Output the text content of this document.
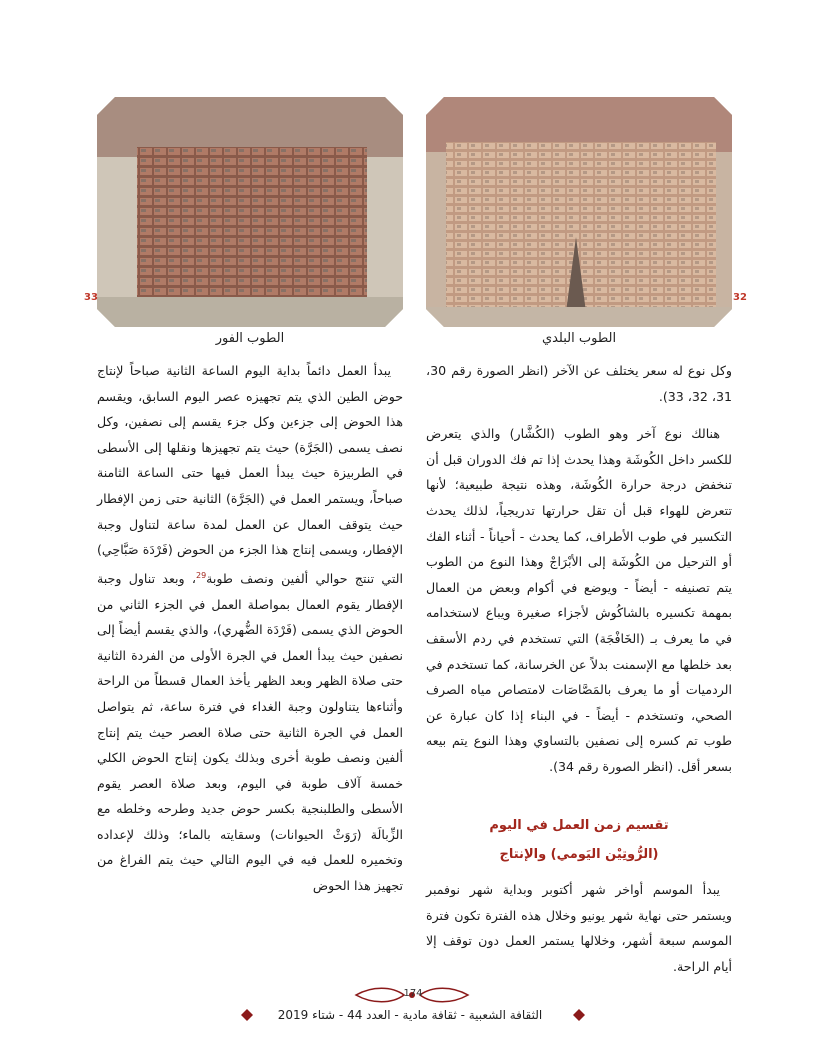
33	32
الطوب الفور	الطوب البلدي

وكل نوع له سعر يختلف عن الآخر (انظر الصورة رقم 30، 31، 32، 33).

هنالك نوع آخر وهو الطوب (الكُشَّار) والذي يتعرض للكسر داخل الكُوشَة وهذا يحدث إذا تم فك الدوران قبل أن تنخفض درجة حرارة الكُوشَة، وهذه نتيجة طبيعية؛ لأنها تتعرض للهواء قبل أن تقل حرارتها تدريجياً، لذلك يحدث التكسير في طوب الأطراف، كما يحدث - أحياناً - أثناء الفك أو الترحيل من الكُوشَة إلى الأبْرَاجْ وهذا النوع من الطوب يتم تصنيفه - أيضاً - ويوضع في أكوام وبعض من العمال بمهمة تكسيره بالشاكُوش لأجزاء صغيرة ويباع لاستخدامه في ما يعرف بـ (الخَافْجَة) التي تستخدم في ردم الأسقف بعد خلطها مع الإسمنت بدلاً عن الخرسانة، كما تستخدم في الردميات أو ما يعرف بالمَصَّاصَات لامتصاص مياه الصرف الصحي، وتستخدم - أيضاً - في البناء إذا كان عبارة عن طوب تم كسره إلى نصفين بالتساوي وهذا النوع يتم بيعه بسعر أقل. (انظر الصورة رقم 34).

تقسيم زمن العمل في اليوم
(الرُّوتِيْن اليَومي) والإنتاج

يبدأ الموسم أواخر شهر أكتوبر وبداية شهر نوفمبر ويستمر حتى نهاية شهر يونيو وخلال هذه الفترة تكون فترة الموسم سبعة أشهر، وخلالها يستمر العمل دون توقف إلا أيام الراحة.

يبدأ العمل دائماً بداية اليوم الساعة الثانية صباحاً لإنتاج حوض الطين الذي يتم تجهيزه عصر اليوم السابق، ويقسم هذا الحوض إلى جزءين وكل جزء يقسم إلى نصفين، وكل نصف يسمى (الجَرَّة) حيث يتم تجهيزها ونقلها إلى الأسطى في الطربيزة حيث يبدأ العمل فيها حتى الساعة الثامنة صباحاً، ويستمر العمل في (الجَرَّة) الثانية حتى زمن الإفطار حيث يتوقف العمال عن العمل لمدة ساعة لتناول وجبة الإفطار، ويسمى إنتاج هذا الجزء من الحوض (فَرْدَة صَبَّاحِي) التي تنتج حوالي ألفين ونصف طوبة$^{29}$، وبعد تناول وجبة الإفطار يقوم العمال بمواصلة العمل في الجزء الثاني من الحوض الذي يسمى (فَرْدَة الضُّهري)، والذي يقسم أيضاً إلى نصفين حيث يبدأ العمل في الجرة الأولى من الفردة الثانية حتى صلاة الظهر وبعد الظهر يأخذ العمال قسطاً من الراحة وأثناءها يتناولون وجبة الغداء في فترة ساعة، ثم يتواصل العمل في الجرة الثانية حتى صلاة العصر حيث يتم إنتاج ألفين ونصف طوبة أخرى وبذلك يكون إنتاج الحوض الكلي خمسة آلاف طوبة في اليوم، وبعد صلاة العصر يقوم الأسطى والطلبنجية بكسر حوض جديد وطرحه وخلطه مع الزِّبالَة (رَوَثْ الحيوانات) وسقايته بالماء؛ وذلك لإعداده وتخميره للعمل فيه في اليوم التالي حيث يتم الفراغ من تجهيز هذا الحوض

174
الثقافة الشعبية - ثقافة مادية - العدد 44 - شتاء 2019
